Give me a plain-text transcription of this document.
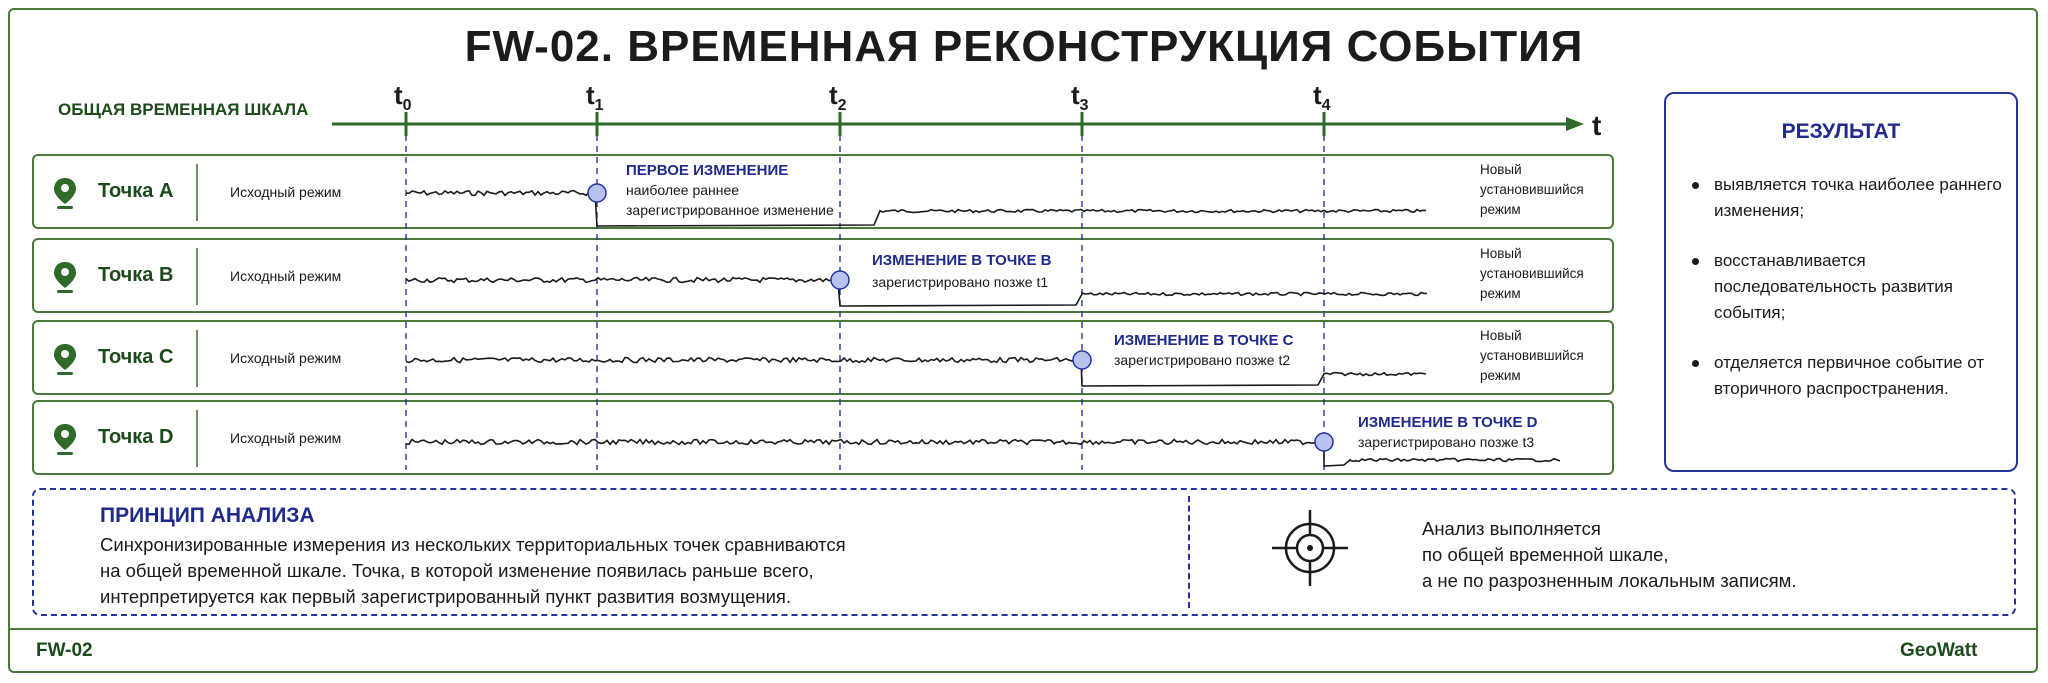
FW-02. ВРЕМЕННАЯ РЕКОНСТРУКЦИЯ СОБЫТИЯ
ОБЩАЯ ВРЕМЕННАЯ ШКАЛА	$t_0$	$t_1$	$t_2$	$t_3$	$t_4$
t
Точка A	Исходный режим
ПЕРВОЕ ИЗМЕНЕНИЕ
наиболее раннее
зарегистрированное изменение
Новый
установившийся
режим
Точка B	Исходный режим
ИЗМЕНЕНИЕ В ТОЧКЕ B
зарегистрировано позже t1
Новый
установившийся
режим
Точка C	Исходный режим
ИЗМЕНЕНИЕ В ТОЧКЕ C
зарегистрировано позже t2
Новый
установившийся
режим
Точка D	Исходный режим
ИЗМЕНЕНИЕ В ТОЧКЕ D
зарегистрировано позже t3
РЕЗУЛЬТАТ
выявляется точка наиболее раннего изменения;
восстанавливается последовательность развития события;
отделяется первичное событие от вторичного распространения.
ПРИНЦИП АНАЛИЗА
Синхронизированные измерения из нескольких территориальных точек сравниваются
на общей временной шкале. Точка, в которой изменение появилась раньше всего,
интерпретируется как первый зарегистрированный пункт развития возмущения.
Анализ выполняется
по общей временной шкале,
а не по разрозненным локальным записям.
FW-02	GeoWatt
